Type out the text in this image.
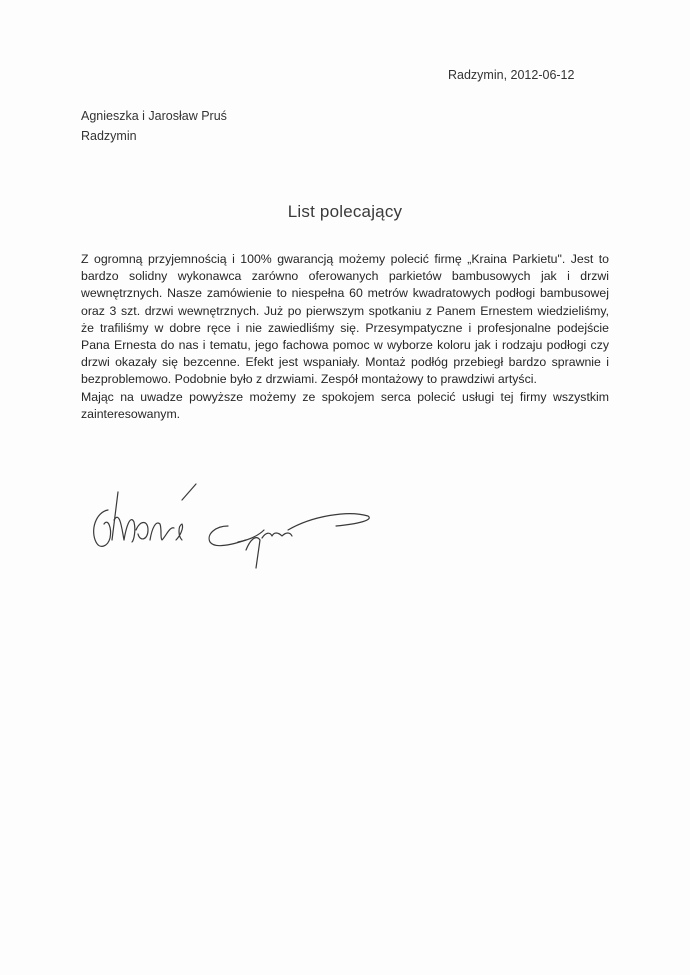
Radzymin, 2012-06-12
Agnieszka i Jarosław Pruś
Radzymin
List polecający

Z ogromną przyjemnością i 100% gwarancją możemy polecić firmę „Kraina Parkietu". Jest to bardzo solidny wykonawca zarówno oferowanych parkietów bambusowych jak i drzwi wewnętrznych. Nasze zamówienie to niespełna 60 metrów kwadratowych podłogi bambusowej oraz 3 szt. drzwi wewnętrznych. Już po pierwszym spotkaniu z Panem Ernestem wiedzieliśmy, że trafiliśmy w dobre ręce i nie zawiedliśmy się. Przesympatyczne i profesjonalne podejście Pana Ernesta do nas i tematu, jego fachowa pomoc w wyborze koloru jak i rodzaju podłogi czy drzwi okazały się bezcenne. Efekt jest wspaniały. Montaż podłóg przebiegł bardzo sprawnie i bezproblemowo. Podobnie było z drzwiami. Zespół montażowy to prawdziwi artyści.

Mając na uwadze powyższe możemy ze spokojem serca polecić usługi tej firmy wszystkim zainteresowanym.
